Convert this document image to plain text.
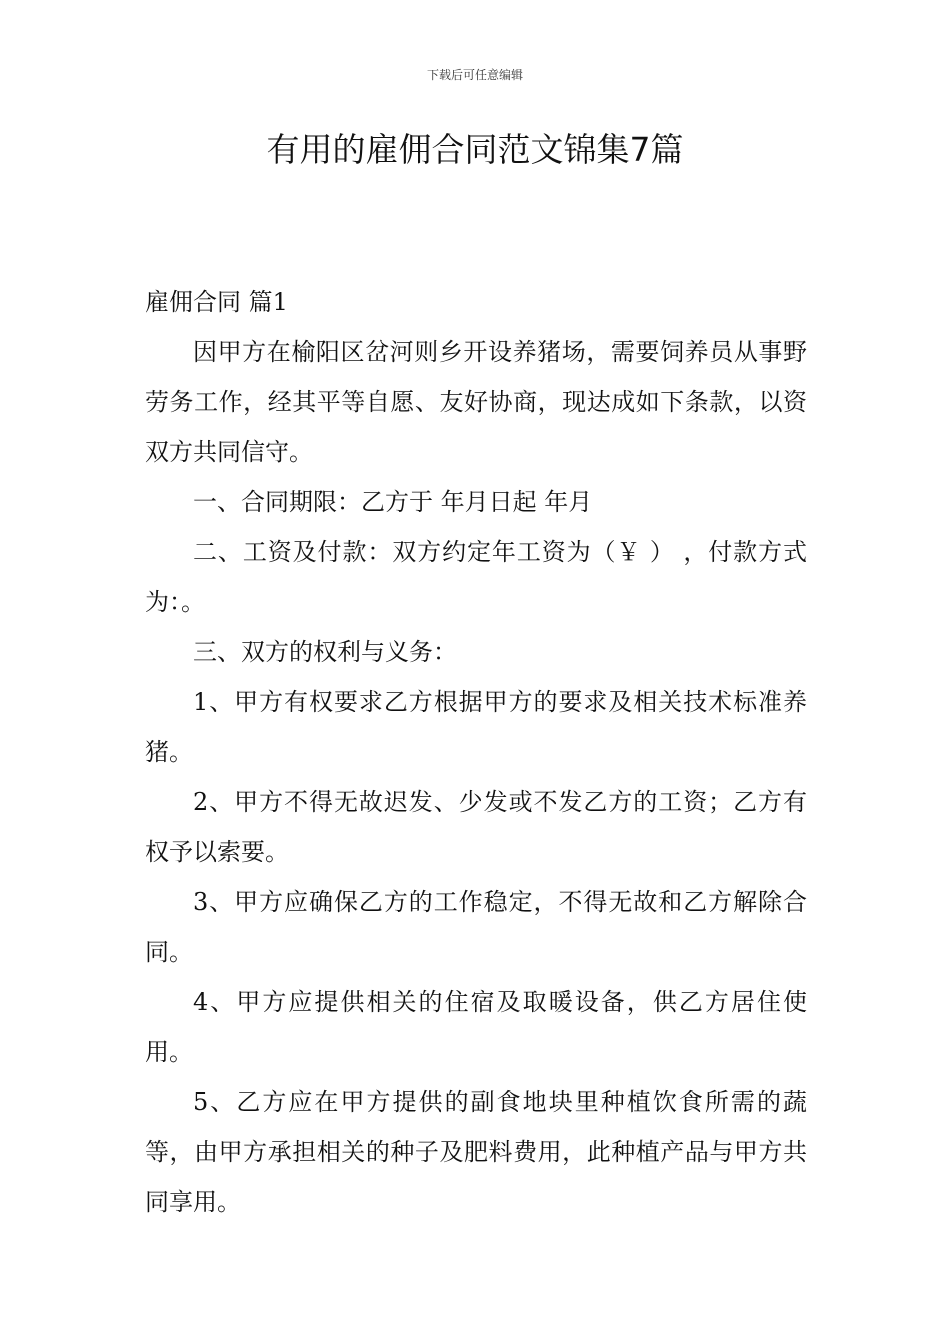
下载后可任意编辑
有用的雇佣合同范文锦集7篇

雇佣合同 篇1

因甲方在榆阳区岔河则乡开设养猪场，需要饲养员从事野劳务工作，经其平等自愿、友好协商，现达成如下条款，以资双方共同信守。

一、合同期限：乙方于 年月日起 年月

二、工资及付款：双方约定年工资为（￥ ） ，付款方式为：。

三、双方的权利与义务：

1、甲方有权要求乙方根据甲方的要求及相关技术标准养猪。

2、甲方不得无故迟发、少发或不发乙方的工资；乙方有权予以索要。

3、甲方应确保乙方的工作稳定，不得无故和乙方解除合同。

4、甲方应提供相关的住宿及取暖设备，供乙方居住使用。

5、乙方应在甲方提供的副食地块里种植饮食所需的蔬等，由甲方承担相关的种子及肥料费用，此种植产品与甲方共同享用。
